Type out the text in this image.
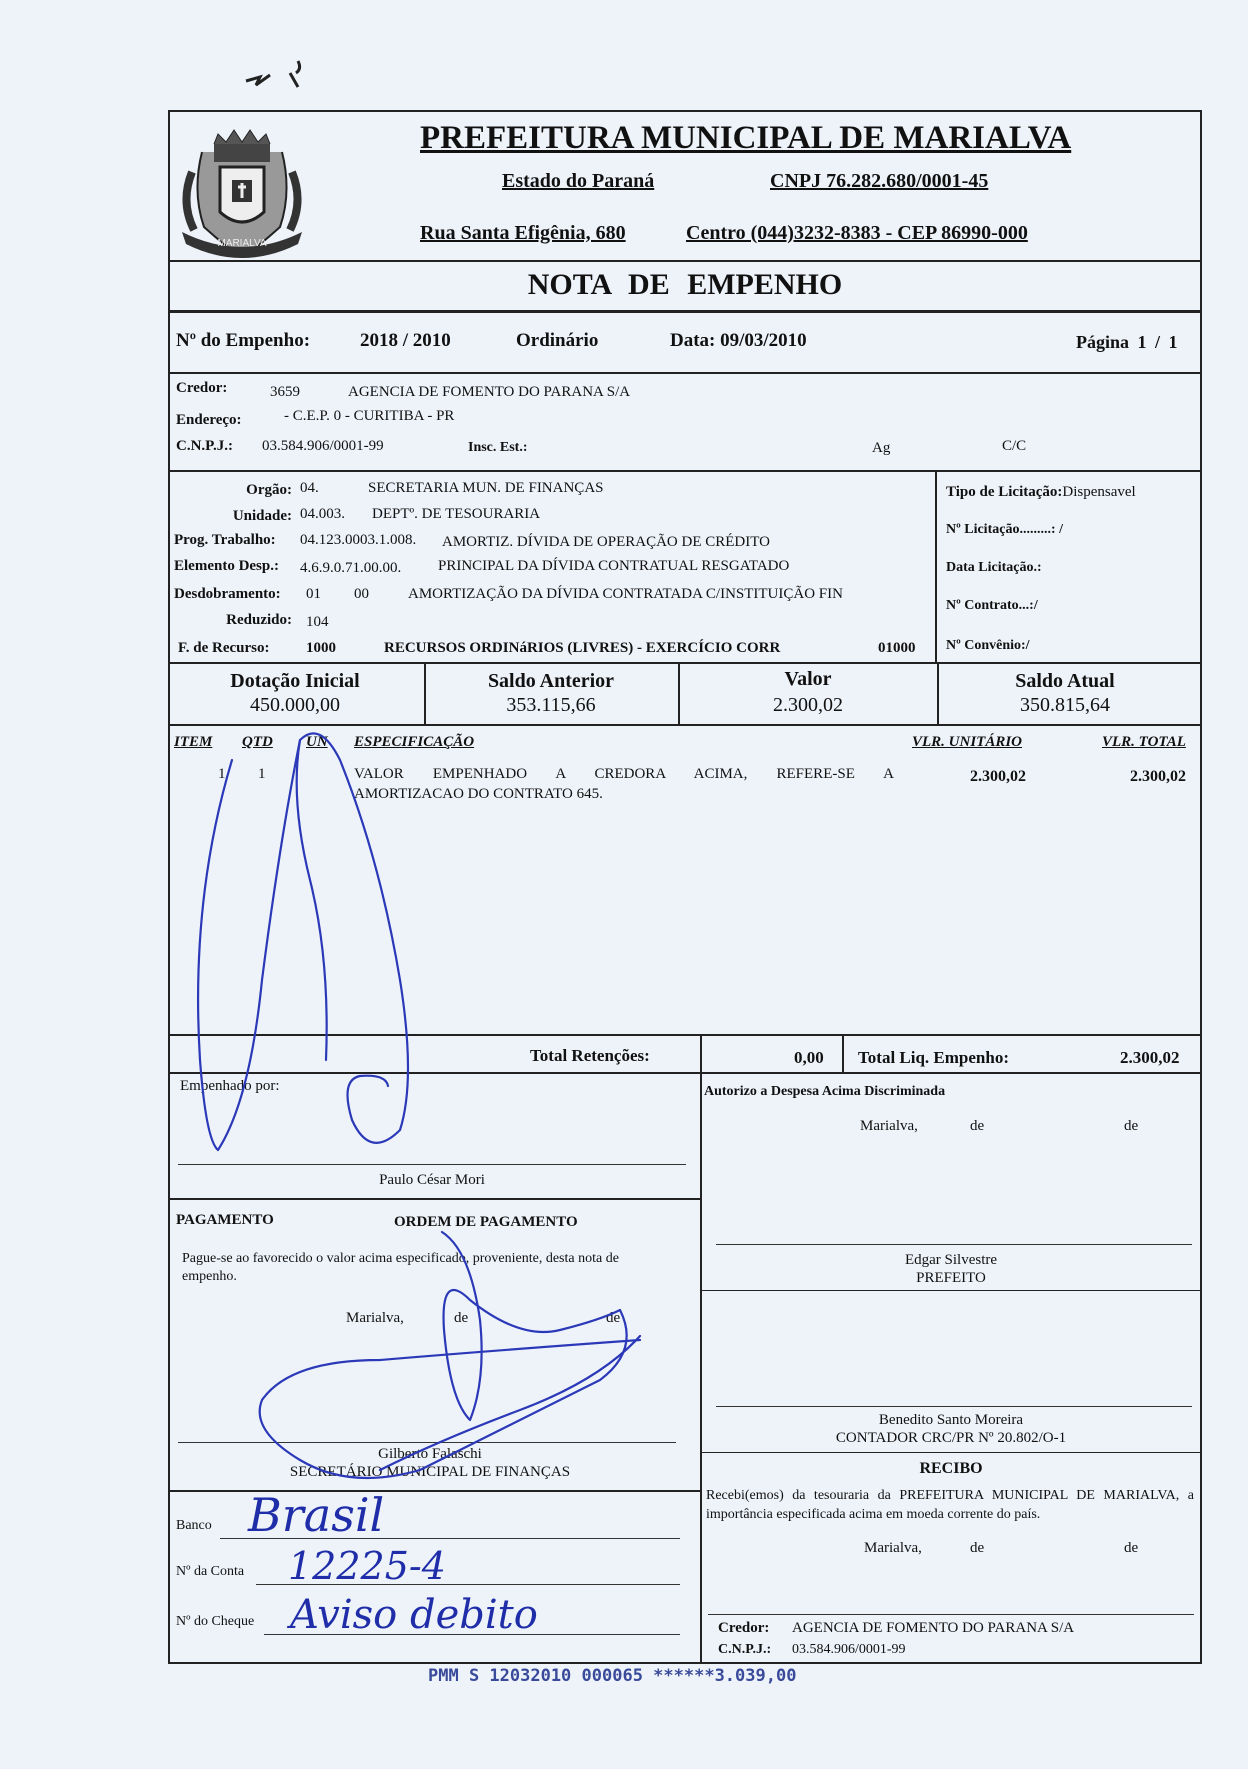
MARIALVA
PREFEITURA MUNICIPAL DE MARIALVA
Estado do Paraná	CNPJ 76.282.680/0001-45
Rua Santa Efigênia, 680	Centro (044)3232-8383 - CEP 86990-000
NOTA DE EMPENHO
Nº do Empenho:	2018 / 2010	Ordinário	Data: 09/03/2010	Página 1 / 1
Credor:	3659	AGENCIA DE FOMENTO DO PARANA S/A
Endereço:	- C.E.P. 0 - CURITIBA - PR
C.N.P.J.: 03.584.906/0001-99	Insc. Est.:	Ag	C/C
Orgão: 04.	SECRETARIA MUN. DE FINANÇAS
Unidade: 04.003. DEPTº. DE TESOURARIA
Prog. Trabalho: 04.123.0003.1.008. AMORTIZ. DÍVIDA DE OPERAÇÃO DE CRÉDITO
Elemento Desp.: 4.6.9.0.71.00.00. PRINCIPAL DA DÍVIDA CONTRATUAL RESGATADO
Desdobramento: 01 00	AMORTIZAÇÃO DA DÍVIDA CONTRATADA C/INSTITUIÇÃO FIN
Reduzido: 104
F. de Recurso: 1000	RECURSOS ORDINáRIOS (LIVRES) - EXERCÍCIO CORR	01000
Tipo de Licitação:Dispensavel
Nº Licitação.........: /
Data Licitação.:
Nº Contrato...:/
Nº Convênio:/
Dotação Inicial
450.000,00
Saldo Anterior
353.115,66
Valor
2.300,02
Saldo Atual
350.815,64
ITEM QTD UN ESPECIFICAÇÃO	VLR. UNITÁRIO	VLR. TOTAL
1 1	VALOR EMPENHADO A CREDORA ACIMA, REFERE-SE A
AMORTIZACAO DO CONTRATO 645.
2.300,02	2.300,02
Total Retenções:	0,00 Total Liq. Empenho:	2.300,02
Empenhado por:
Paulo César Mori
Autorizo a Despesa Acima Discriminada
Marialva,	de	de
Edgar Silvestre
PREFEITO
Benedito Santo Moreira
CONTADOR CRC/PR Nº 20.802/O-1
PAGAMENTO	ORDEM DE PAGAMENTO
Pague-se ao favorecido o valor acima especificado, proveniente, desta nota de empenho.
Marialva,	de	de
Gilberto Falaschi
SECRETÁRIO MUNICIPAL DE FINANÇAS
Banco Brasil
Nº da Conta 12225-4
Nº do Cheque Aviso debito
RECIBO
Recebi(emos) da tesouraria da PREFEITURA MUNICIPAL DE MARIALVA, a importância especificada acima em moeda corrente do país.
Marialva,	de	de
Credor: AGENCIA DE FOMENTO DO PARANA S/A
C.N.P.J.: 03.584.906/0001-99
PMM S 12032010 000065 ******3.039,00
